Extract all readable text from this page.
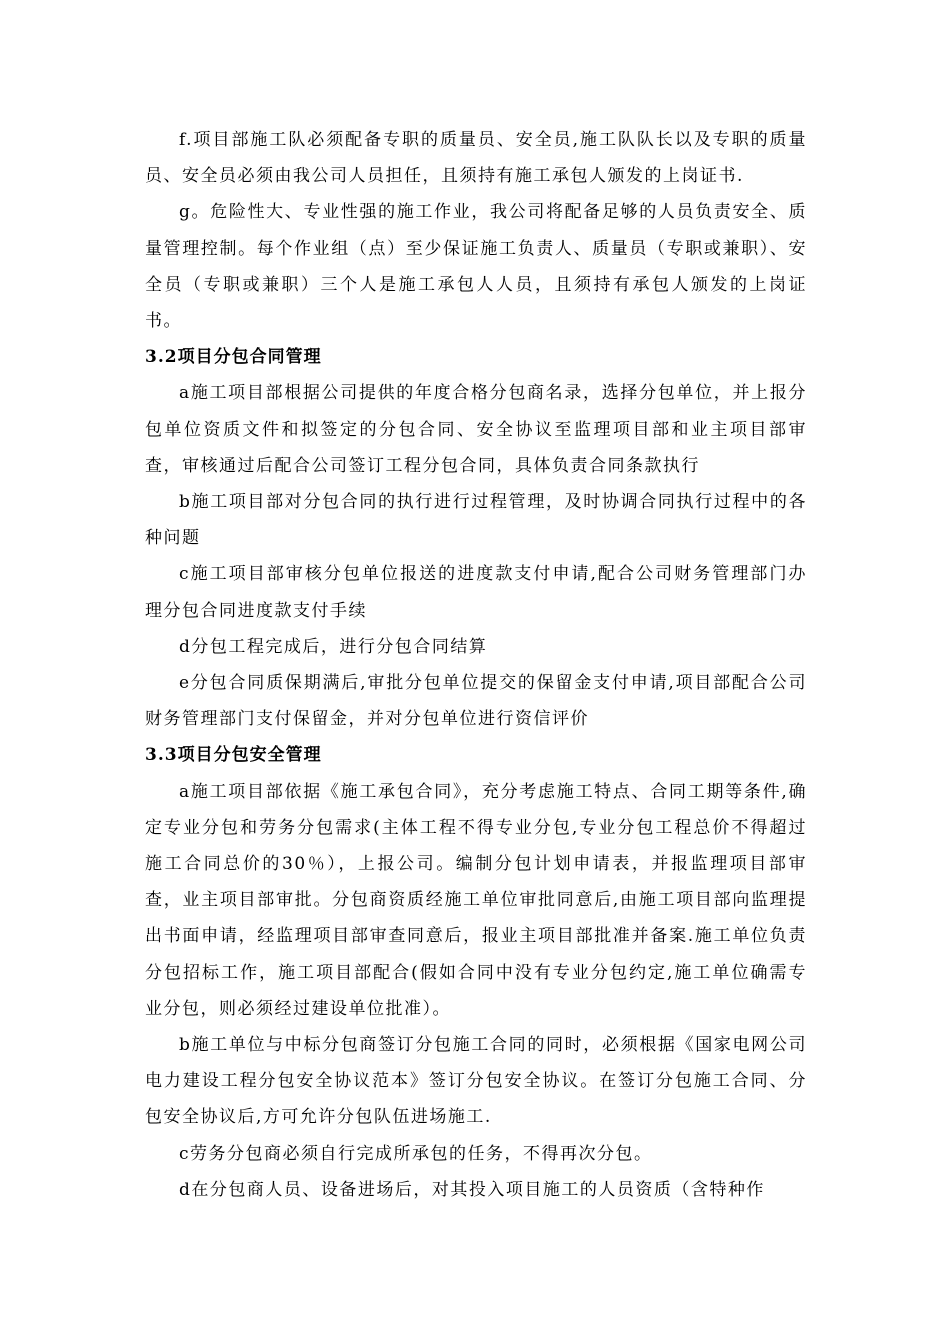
f.项目部施工队必须配备专职的质量员、安全员,施工队队长以及专职的质量员、安全员必须由我公司人员担任，且须持有施工承包人颁发的上岗证书.

g。危险性大、专业性强的施工作业，我公司将配备足够的人员负责安全、质量管理控制。每个作业组（点）至少保证施工负责人、质量员（专职或兼职）、安全员（专职或兼职）三个人是施工承包人人员，且须持有承包人颁发的上岗证书。

3.2项目分包合同管理

a施工项目部根据公司提供的年度合格分包商名录，选择分包单位，并上报分包单位资质文件和拟签定的分包合同、安全协议至监理项目部和业主项目部审查，审核通过后配合公司签订工程分包合同，具体负责合同条款执行

b施工项目部对分包合同的执行进行过程管理，及时协调合同执行过程中的各种问题

c施工项目部审核分包单位报送的进度款支付申请,配合公司财务管理部门办理分包合同进度款支付手续

d分包工程完成后，进行分包合同结算

e分包合同质保期满后,审批分包单位提交的保留金支付申请,项目部配合公司财务管理部门支付保留金，并对分包单位进行资信评价

3.3项目分包安全管理

a施工项目部依据《施工承包合同》，充分考虑施工特点、合同工期等条件,确定专业分包和劳务分包需求(主体工程不得专业分包,专业分包工程总价不得超过施工合同总价的30％），上报公司。编制分包计划申请表，并报监理项目部审查，业主项目部审批。分包商资质经施工单位审批同意后,由施工项目部向监理提出书面申请，经监理项目部审查同意后，报业主项目部批准并备案.施工单位负责分包招标工作，施工项目部配合(假如合同中没有专业分包约定,施工单位确需专业分包，则必须经过建设单位批准）。

b施工单位与中标分包商签订分包施工合同的同时，必须根据《国家电网公司电力建设工程分包安全协议范本》签订分包安全协议。在签订分包施工合同、分包安全协议后,方可允许分包队伍进场施工.

c劳务分包商必须自行完成所承包的任务，不得再次分包。

d在分包商人员、设备进场后，对其投入项目施工的人员资质（含特种作
